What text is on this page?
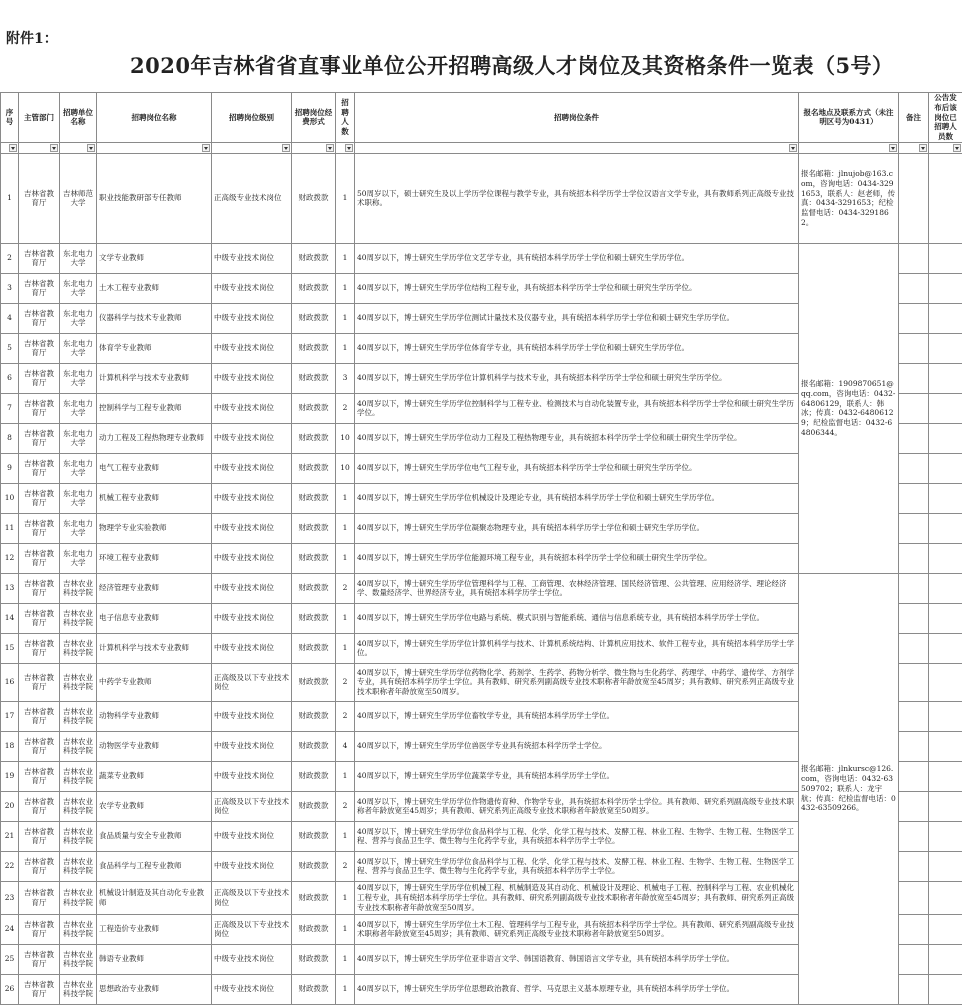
附件1：
2020年吉林省省直事业单位公开招聘高级人才岗位及其资格条件一览表（5号）
序号	主管部门	招聘单位名称	招聘岗位名称	招聘岗位级别	招聘岗位经费形式	招聘人数	招聘岗位条件	报名地点及联系方式（未注明区号为0431）	备注	公告发布后该岗位已招聘人员数

1	吉林省教育厅	吉林师范大学	职业技能教研部专任教师	正高级专业技术岗位	财政拨款	1	50周岁以下，硕士研究生及以上学历学位课程与教学专业，具有统招本科学历学士学位汉语言文学专业，具有教师系列正高级专业技术职称。	报名邮箱：jlnujob@163.com，咨询电话：0434-3291653，联系人：赵老师，传真：0434-3291653；纪检监督电话：0434-3291862。		
2	吉林省教育厅	东北电力大学	文学专业教师	中级专业技术岗位	财政拨款	1	40周岁以下，博士研究生学历学位文艺学专业，具有统招本科学历学士学位和硕士研究生学历学位。	报名邮箱：1909870651@qq.com，咨询电话：0432-64806129，联系人：韩冰；传真：0432-64806129；纪检监督电话：0432-64806344。		
3	吉林省教育厅	东北电力大学	土木工程专业教师	中级专业技术岗位	财政拨款	1	40周岁以下，博士研究生学历学位结构工程专业，具有统招本科学历学士学位和硕士研究生学历学位。			
4	吉林省教育厅	东北电力大学	仪器科学与技术专业教师	中级专业技术岗位	财政拨款	1	40周岁以下，博士研究生学历学位测试计量技术及仪器专业，具有统招本科学历学士学位和硕士研究生学历学位。			
5	吉林省教育厅	东北电力大学	体育学专业教师	中级专业技术岗位	财政拨款	1	40周岁以下，博士研究生学历学位体育学专业，具有统招本科学历学士学位和硕士研究生学历学位。			
6	吉林省教育厅	东北电力大学	计算机科学与技术专业教师	中级专业技术岗位	财政拨款	3	40周岁以下，博士研究生学历学位计算机科学与技术专业，具有统招本科学历学士学位和硕士研究生学历学位。			
7	吉林省教育厅	东北电力大学	控制科学与工程专业教师	中级专业技术岗位	财政拨款	2	40周岁以下，博士研究生学历学位控制科学与工程专业、检测技术与自动化装置专业，具有统招本科学历学士学位和硕士研究生学历学位。			
8	吉林省教育厅	东北电力大学	动力工程及工程热物理专业教师	中级专业技术岗位	财政拨款	10	40周岁以下，博士研究生学历学位动力工程及工程热物理专业，具有统招本科学历学士学位和硕士研究生学历学位。			
9	吉林省教育厅	东北电力大学	电气工程专业教师	中级专业技术岗位	财政拨款	10	40周岁以下，博士研究生学历学位电气工程专业，具有统招本科学历学士学位和硕士研究生学历学位。			
10	吉林省教育厅	东北电力大学	机械工程专业教师	中级专业技术岗位	财政拨款	1	40周岁以下，博士研究生学历学位机械设计及理论专业，具有统招本科学历学士学位和硕士研究生学历学位。			
11	吉林省教育厅	东北电力大学	物理学专业实验教师	中级专业技术岗位	财政拨款	1	40周岁以下，博士研究生学历学位凝聚态物理专业，具有统招本科学历学士学位和硕士研究生学历学位。			
12	吉林省教育厅	东北电力大学	环境工程专业教师	中级专业技术岗位	财政拨款	1	40周岁以下，博士研究生学历学位能源环境工程专业，具有统招本科学历学士学位和硕士研究生学历学位。			
13	吉林省教育厅	吉林农业科技学院	经济管理专业教师	中级专业技术岗位	财政拨款	2	40周岁以下，博士研究生学历学位管理科学与工程、工商管理、农林经济管理、国民经济管理、公共管理、应用经济学、理论经济学、数量经济学、世界经济专业，具有统招本科学历学士学位。	报名邮箱：jlnkursc@126.com，咨询电话：0432-63509702；联系人：龙宇航；传真：纪检监督电话：0432-63509266。		
14	吉林省教育厅	吉林农业科技学院	电子信息专业教师	中级专业技术岗位	财政拨款	1	40周岁以下，博士研究生学历学位电路与系统、模式识别与智能系统、通信与信息系统专业，具有统招本科学历学士学位。			
15	吉林省教育厅	吉林农业科技学院	计算机科学与技术专业教师	中级专业技术岗位	财政拨款	1	40周岁以下，博士研究生学历学位计算机科学与技术、计算机系统结构、计算机应用技术、软件工程专业，具有统招本科学历学士学位。			
16	吉林省教育厅	吉林农业科技学院	中药学专业教师	正高级及以下专业技术岗位	财政拨款	2	40周岁以下，博士研究生学历学位药物化学、药剂学、生药学、药物分析学、微生物与生化药学、药理学、中药学、遗传学、方剂学专业，具有统招本科学历学士学位。具有教师、研究系列副高级专业技术职称者年龄放宽至45周岁；具有教师、研究系列正高级专业技术职称者年龄放宽至50周岁。			
17	吉林省教育厅	吉林农业科技学院	动物科学专业教师	中级专业技术岗位	财政拨款	2	40周岁以下，博士研究生学历学位畜牧学专业，具有统招本科学历学士学位。			
18	吉林省教育厅	吉林农业科技学院	动物医学专业教师	中级专业技术岗位	财政拨款	4	40周岁以下，博士研究生学历学位兽医学专业具有统招本科学历学士学位。			
19	吉林省教育厅	吉林农业科技学院	蔬菜专业教师	中级专业技术岗位	财政拨款	1	40周岁以下，博士研究生学历学位蔬菜学专业，具有统招本科学历学士学位。			
20	吉林省教育厅	吉林农业科技学院	农学专业教师	正高级及以下专业技术岗位	财政拨款	2	40周岁以下，博士研究生学历学位作物遗传育种、作物学专业，具有统招本科学历学士学位。具有教师、研究系列副高级专业技术职称者年龄放宽至45周岁；具有教师、研究系列正高级专业技术职称者年龄放宽至50周岁。			
21	吉林省教育厅	吉林农业科技学院	食品质量与安全专业教师	中级专业技术岗位	财政拨款	1	40周岁以下，博士研究生学历学位食品科学与工程、化学、化学工程与技术、发酵工程、林业工程、生物学、生物工程、生物医学工程、营养与食品卫生学、微生物与生化药学专业，具有统招本科学历学士学位。			
22	吉林省教育厅	吉林农业科技学院	食品科学与工程专业教师	中级专业技术岗位	财政拨款	2	40周岁以下，博士研究生学历学位食品科学与工程、化学、化学工程与技术、发酵工程、林业工程、生物学、生物工程、生物医学工程、营养与食品卫生学、微生物与生化药学专业，具有统招本科学历学士学位。			
23	吉林省教育厅	吉林农业科技学院	机械设计制造及其自动化专业教师	正高级及以下专业技术岗位	财政拨款	1	40周岁以下，博士研究生学历学位机械工程、机械制造及其自动化、机械设计及理论、机械电子工程、控制科学与工程、农业机械化工程专业，具有统招本科学历学士学位。具有教师、研究系列副高级专业技术职称者年龄放宽至45周岁；具有教师、研究系列正高级专业技术职称者年龄放宽至50周岁。			
24	吉林省教育厅	吉林农业科技学院	工程造价专业教师	正高级及以下专业技术岗位	财政拨款	1	40周岁以下，博士研究生学历学位土木工程、管理科学与工程专业，具有统招本科学历学士学位。具有教师、研究系列副高级专业技术职称者年龄放宽至45周岁；具有教师、研究系列正高级专业技术职称者年龄放宽至50周岁。			
25	吉林省教育厅	吉林农业科技学院	韩语专业教师	中级专业技术岗位	财政拨款	1	40周岁以下，博士研究生学历学位亚非语言文学、韩国语教育、韩国语言文学专业，具有统招本科学历学士学位。			
26	吉林省教育厅	吉林农业科技学院	思想政治专业教师	中级专业技术岗位	财政拨款	1	40周岁以下，博士研究生学历学位思想政治教育、哲学、马克思主义基本原理专业，具有统招本科学历学士学位。			
